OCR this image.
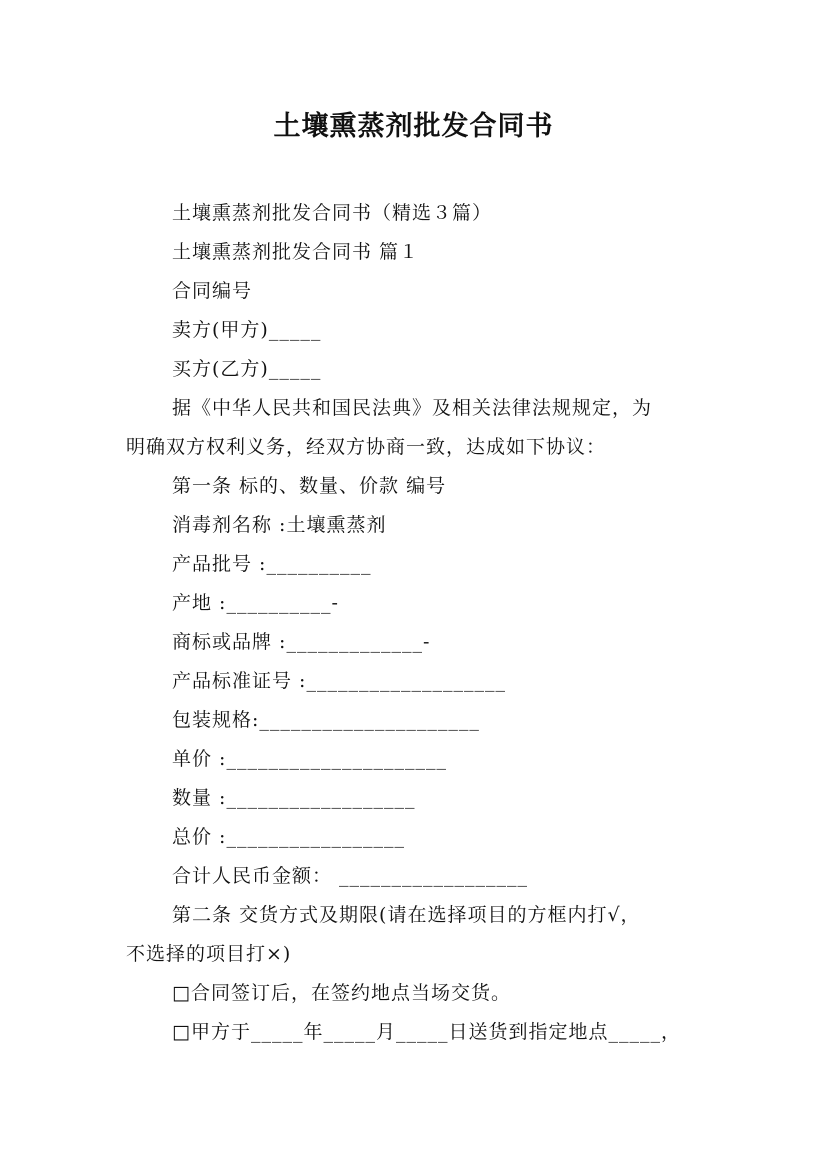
土壤熏蒸剂批发合同书
土壤熏蒸剂批发合同书（精选３篇）
土壤熏蒸剂批发合同书 篇１
合同编号
卖方(甲方)_____
买方(乙方)_____
据《中华人民共和国民法典》及相关法律法规规定，为
明确双方权利义务，经双方协商一致，达成如下协议：
第一条 标的、数量、价款 编号
消毒剂名称 :土壤熏蒸剂
产品批号 :__________
产地 :__________-
商标或品牌 :_____________-
产品标准证号 :___________________
包装规格:_____________________
单价 :_____________________
数量 :__________________
总价 :_________________
合计人民币金额： __________________
第二条 交货方式及期限(请在选择项目的方框内打√，
不选择的项目打×)
□合同签订后，在签约地点当场交货。
□甲方于_____年_____月_____日送货到指定地点_____，
